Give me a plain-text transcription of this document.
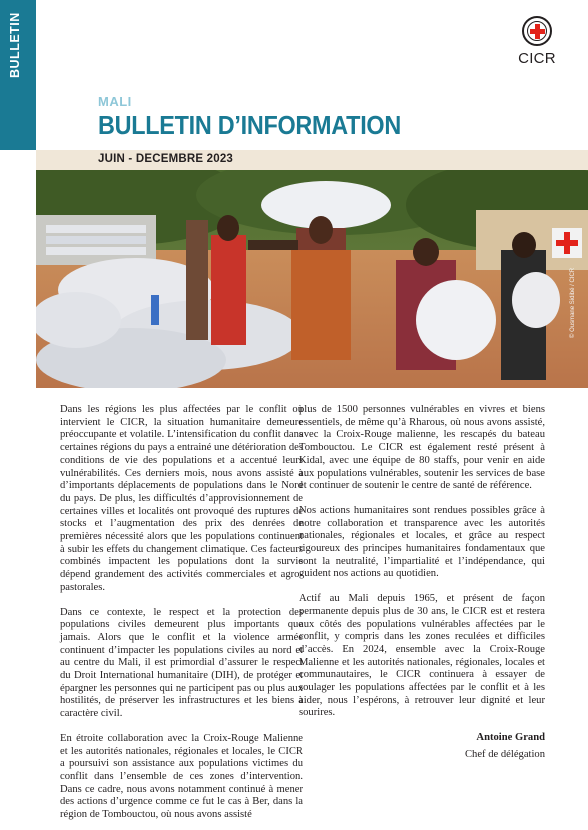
BULLETIN	CICR
MALI
BULLETIN D’INFORMATION
JUIN - DECEMBRE 2023
© Ousmane Sidibé / CICR

Dans les régions les plus affectées par le conflit où intervient le CICR, la situation humanitaire demeure préoccupante et volatile. L’intensification du conflit dans certaines régions du pays a entrainé une détérioration des conditions de vie des populations et a accentué leurs vulnérabilités. Ces derniers mois, nous avons assisté à d’importants déplacements de populations dans le Nord du pays. De plus, les difficultés d’approvisionnement de certaines villes et localités ont provoqué des ruptures de stocks et l’augmentation des prix des denrées de premières nécessité alors que les populations continuent à subir les effets du changement climatique. Ces facteurs combinés impactent les populations dont la survie dépend grandement des activités commerciales et agro-pastorales.

Dans ce contexte, le respect et la protection des populations civiles demeurent plus importants que jamais. Alors que le conflit et la violence armée continuent d’impacter les populations civiles au nord et au centre du Mali, il est primordial d’assurer le respect du Droit International humanitaire (DIH), de protéger et épargner les personnes qui ne participent pas ou plus aux hostilités, de préserver les infrastructures et les biens à caractère civil.

En étroite collaboration avec la Croix-Rouge Malienne et les autorités nationales, régionales et locales, le CICR a poursuivi son assistance aux populations victimes du conflit dans l’ensemble de ces zones d’intervention. Dans ce cadre, nous avons notamment continué à mener des actions d’urgence comme ce fut le cas à Ber, dans la région de Tombouctou, où nous avons assisté

plus de 1500 personnes vulnérables en vivres et biens essentiels, de même qu’à Rharous, où nous avons assisté, avec la Croix-Rouge malienne, les rescapés du bateau Tombouctou. Le CICR est également resté présent à Kidal, avec une équipe de 80 staffs, pour venir en aide aux populations vulnérables, soutenir les services de base et continuer de soutenir le centre de santé de référence.

Nos actions humanitaires sont rendues possibles grâce à notre collaboration et transparence avec les autorités nationales, régionales et locales, et grâce au respect rigoureux des principes humanitaires fondamentaux que sont la neutralité, l’impartialité et l’indépendance, qui guident nos actions au quotidien.

Actif au Mali depuis 1965, et présent de façon permanente depuis plus de 30 ans, le CICR est et restera aux côtés des populations vulnérables affectées par le conflit, y compris dans les zones reculées et difficiles d’accès. En 2024, ensemble avec la Croix-Rouge Malienne et les autorités nationales, régionales, locales et communautaires, le CICR continuera à essayer de soulager les populations affectées par le conflit et à les aider, nous l’espérons, à retrouver leur dignité et leur sourires.

Antoine Grand
Chef de délégation
